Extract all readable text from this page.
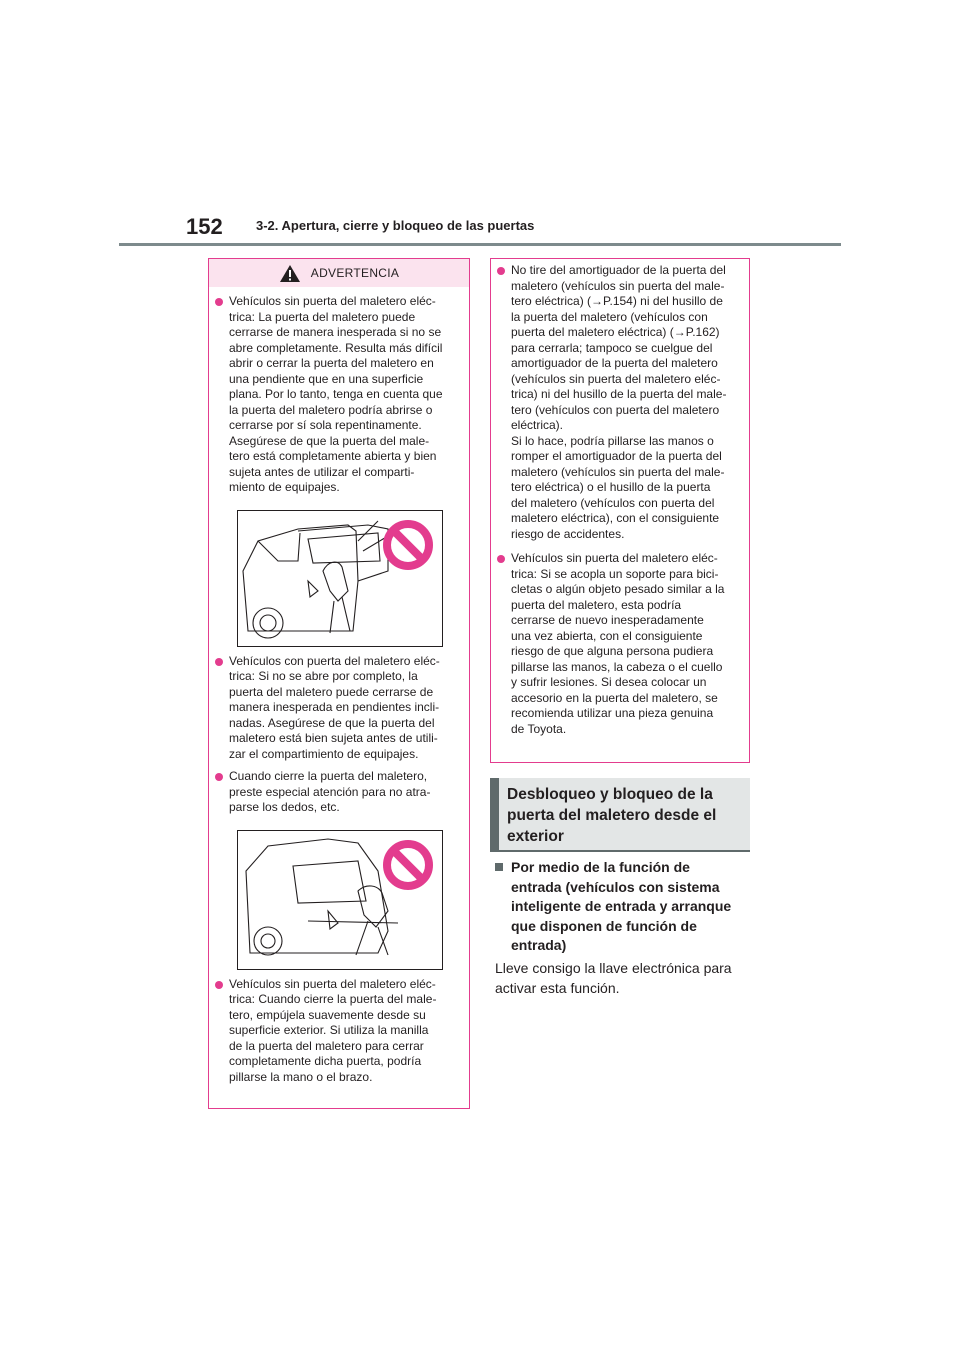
152	3-2. Apertura, cierre y bloqueo de las puertas
ADVERTENCIA

Vehículos sin puerta del maletero eléc-
trica: La puerta del maletero puede
cerrarse de manera inesperada si no se
abre completamente. Resulta más difícil
abrir o cerrar la puerta del maletero en
una pendiente que en una superficie
plana. Por lo tanto, tenga en cuenta que
la puerta del maletero podría abrirse o
cerrarse por sí sola repentinamente.
Asegúrese de que la puerta del male-
tero está completamente abierta y bien
sujeta antes de utilizar el comparti-
miento de equipajes.

Vehículos con puerta del maletero eléc-
trica: Si no se abre por completo, la
puerta del maletero puede cerrarse de
manera inesperada en pendientes incli-
nadas. Asegúrese de que la puerta del
maletero está bien sujeta antes de utili-
zar el compartimiento de equipajes.

Cuando cierre la puerta del maletero,
preste especial atención para no atra-
parse los dedos, etc.

Vehículos sin puerta del maletero eléc-
trica: Cuando cierre la puerta del male-
tero, empújela suavemente desde su
superficie exterior. Si utiliza la manilla
de la puerta del maletero para cerrar
completamente dicha puerta, podría
pillarse la mano o el brazo.

No tire del amortiguador de la puerta del
maletero (vehículos sin puerta del male-
tero eléctrica) (→P.154) ni del husillo de
la puerta del maletero (vehículos con
puerta del maletero eléctrica) (→P.162)
para cerrarla; tampoco se cuelgue del
amortiguador de la puerta del maletero
(vehículos sin puerta del maletero eléc-
trica) ni del husillo de la puerta del male-
tero (vehículos con puerta del maletero
eléctrica).
Si lo hace, podría pillarse las manos o
romper el amortiguador de la puerta del
maletero (vehículos sin puerta del male-
tero eléctrica) o el husillo de la puerta
del maletero (vehículos con puerta del
maletero eléctrica), con el consiguiente
riesgo de accidentes.

Vehículos sin puerta del maletero eléc-
trica: Si se acopla un soporte para bici-
cletas o algún objeto pesado similar a la
puerta del maletero, esta podría
cerrarse de nuevo inesperadamente
una vez abierta, con el consiguiente
riesgo de que alguna persona pudiera
pillarse las manos, la cabeza o el cuello
y sufrir lesiones. Si desea colocar un
accesorio en la puerta del maletero, se
recomienda utilizar una pieza genuina
de Toyota.

Desbloqueo y bloqueo de la
puerta del maletero desde el
exterior

Por medio de la función de
entrada (vehículos con sistema
inteligente de entrada y arranque
que disponen de función de
entrada)

Lleve consigo la llave electrónica para
activar esta función.
